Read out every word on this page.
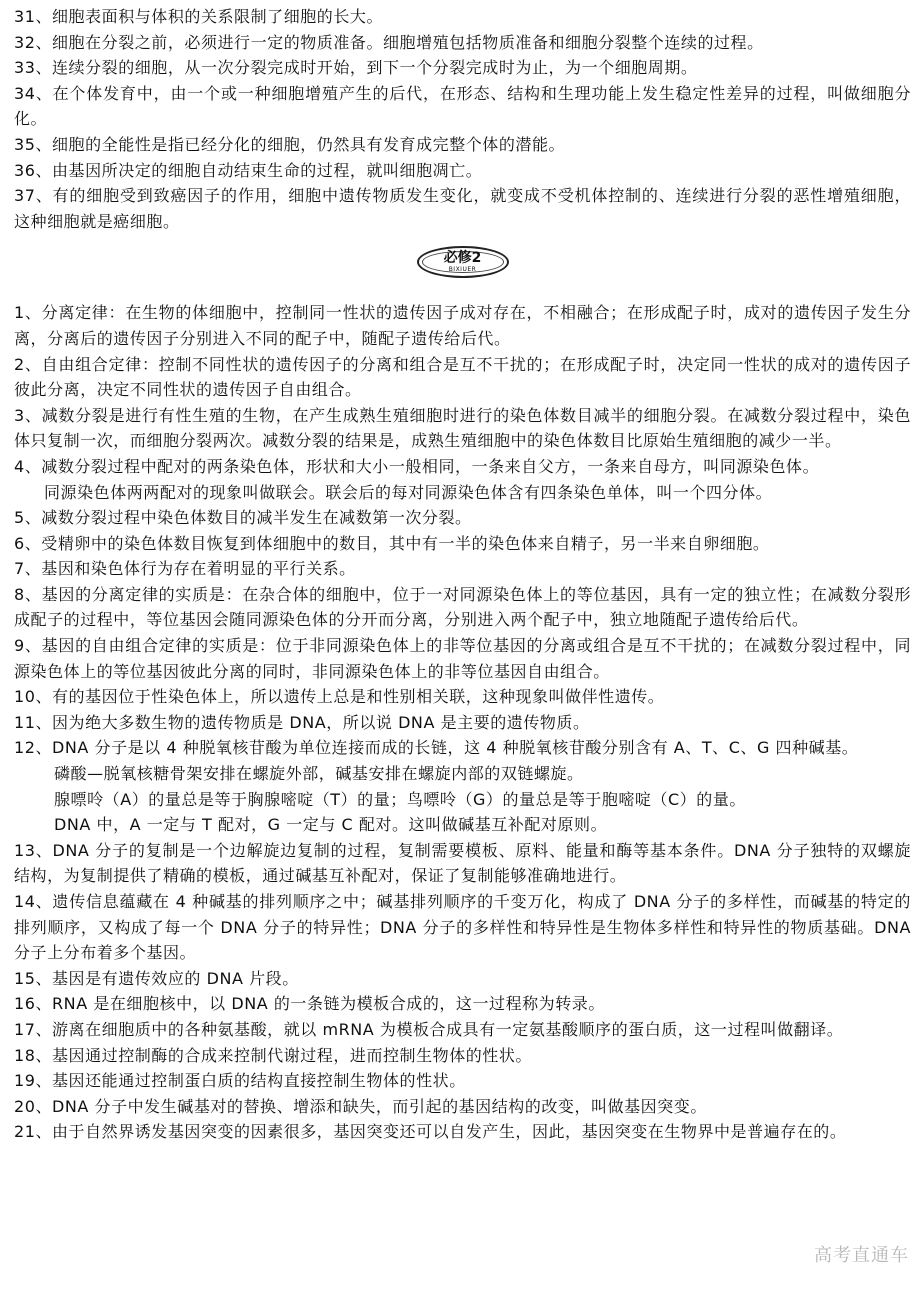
31、细胞表面积与体积的关系限制了细胞的长大。

32、细胞在分裂之前，必须进行一定的物质准备。细胞增殖包括物质准备和细胞分裂整个连续的过程。

33、连续分裂的细胞，从一次分裂完成时开始，到下一个分裂完成时为止，为一个细胞周期。

34、在个体发育中，由一个或一种细胞增殖产生的后代，在形态、结构和生理功能上发生稳定性差异的过程，叫做细胞分化。

35、细胞的全能性是指已经分化的细胞，仍然具有发育成完整个体的潜能。

36、由基因所决定的细胞自动结束生命的过程，就叫细胞凋亡。

37、有的细胞受到致癌因子的作用，细胞中遗传物质发生变化，就变成不受机体控制的、连续进行分裂的恶性增殖细胞，这种细胞就是癌细胞。

必修2
BIXIUER

1、分离定律：在生物的体细胞中，控制同一性状的遗传因子成对存在，不相融合；在形成配子时，成对的遗传因子发生分离，分离后的遗传因子分别进入不同的配子中，随配子遗传给后代。

2、自由组合定律：控制不同性状的遗传因子的分离和组合是互不干扰的；在形成配子时，决定同一性状的成对的遗传因子彼此分离，决定不同性状的遗传因子自由组合。

3、减数分裂是进行有性生殖的生物，在产生成熟生殖细胞时进行的染色体数目减半的细胞分裂。在减数分裂过程中，染色体只复制一次，而细胞分裂两次。减数分裂的结果是，成熟生殖细胞中的染色体数目比原始生殖细胞的减少一半。

4、减数分裂过程中配对的两条染色体，形状和大小一般相同，一条来自父方，一条来自母方，叫同源染色体。

同源染色体两两配对的现象叫做联会。联会后的每对同源染色体含有四条染色单体，叫一个四分体。

5、减数分裂过程中染色体数目的减半发生在减数第一次分裂。

6、受精卵中的染色体数目恢复到体细胞中的数目，其中有一半的染色体来自精子，另一半来自卵细胞。

7、基因和染色体行为存在着明显的平行关系。

8、基因的分离定律的实质是：在杂合体的细胞中，位于一对同源染色体上的等位基因，具有一定的独立性；在减数分裂形成配子的过程中，等位基因会随同源染色体的分开而分离，分别进入两个配子中，独立地随配子遗传给后代。

9、基因的自由组合定律的实质是：位于非同源染色体上的非等位基因的分离或组合是互不干扰的；在减数分裂过程中，同源染色体上的等位基因彼此分离的同时，非同源染色体上的非等位基因自由组合。

10、有的基因位于性染色体上，所以遗传上总是和性别相关联，这种现象叫做伴性遗传。

11、因为绝大多数生物的遗传物质是 DNA，所以说 DNA 是主要的遗传物质。

12、DNA 分子是以 4 种脱氧核苷酸为单位连接而成的长链，这 4 种脱氧核苷酸分别含有 A、T、C、G 四种碱基。

磷酸—脱氧核糖骨架安排在螺旋外部，碱基安排在螺旋内部的双链螺旋。

腺嘌呤（A）的量总是等于胸腺嘧啶（T）的量；鸟嘌呤（G）的量总是等于胞嘧啶（C）的量。

DNA 中，A 一定与 T 配对，G 一定与 C 配对。这叫做碱基互补配对原则。

13、DNA 分子的复制是一个边解旋边复制的过程，复制需要模板、原料、能量和酶等基本条件。DNA 分子独特的双螺旋结构，为复制提供了精确的模板，通过碱基互补配对，保证了复制能够准确地进行。

14、遗传信息蕴藏在 4 种碱基的排列顺序之中；碱基排列顺序的千变万化，构成了 DNA 分子的多样性，而碱基的特定的排列顺序，又构成了每一个 DNA 分子的特异性；DNA 分子的多样性和特异性是生物体多样性和特异性的物质基础。DNA 分子上分布着多个基因。

15、基因是有遗传效应的 DNA 片段。

16、RNA 是在细胞核中，以 DNA 的一条链为模板合成的，这一过程称为转录。

17、游离在细胞质中的各种氨基酸，就以 mRNA 为模板合成具有一定氨基酸顺序的蛋白质，这一过程叫做翻译。

18、基因通过控制酶的合成来控制代谢过程，进而控制生物体的性状。

19、基因还能通过控制蛋白质的结构直接控制生物体的性状。

20、DNA 分子中发生碱基对的替换、增添和缺失，而引起的基因结构的改变，叫做基因突变。

21、由于自然界诱发基因突变的因素很多，基因突变还可以自发产生，因此，基因突变在生物界中是普遍存在的。

高考直通车
